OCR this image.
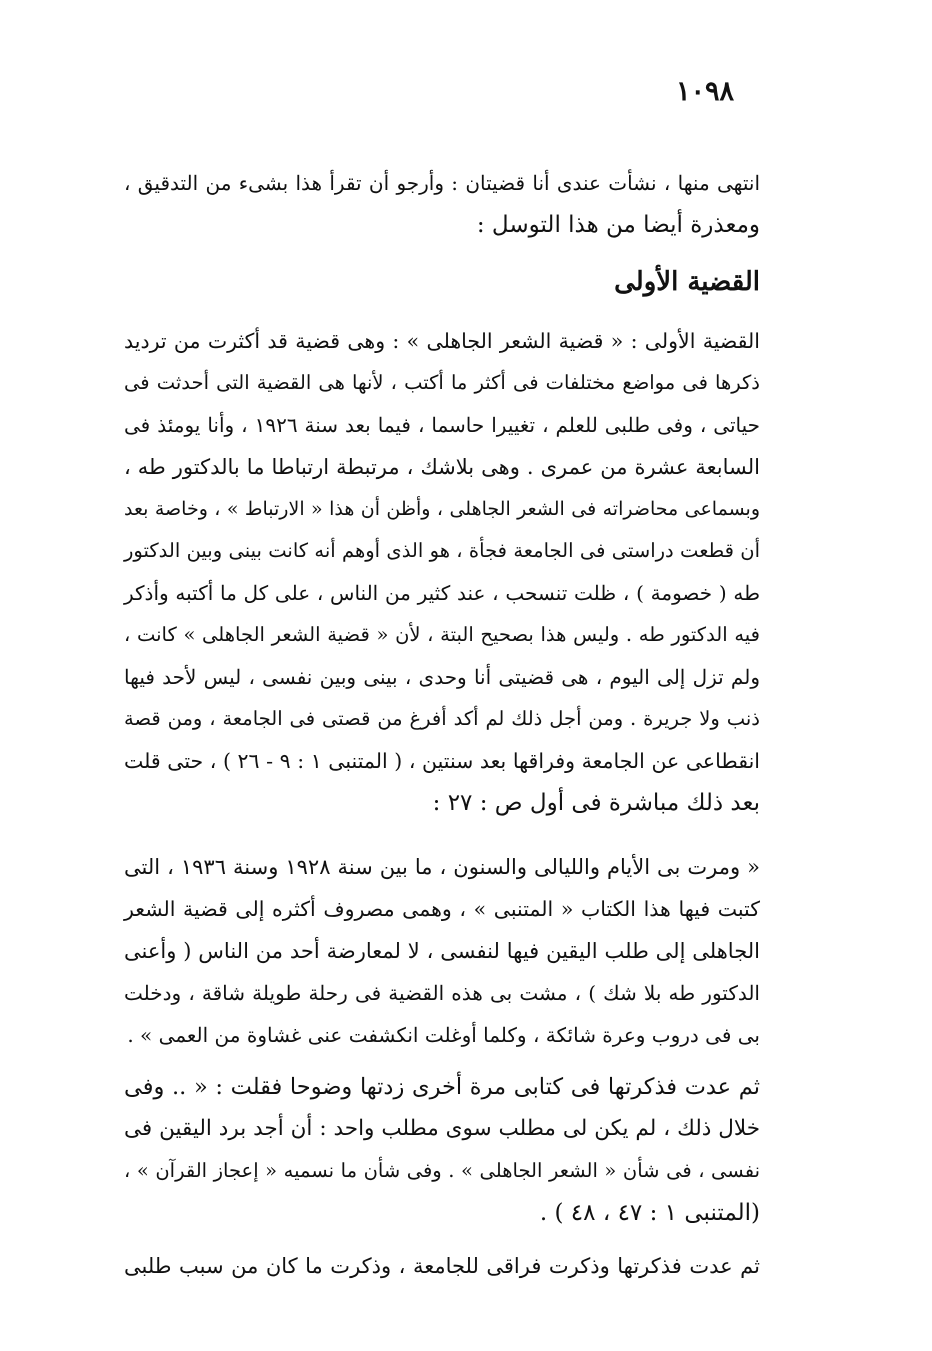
١٠٩٨
انتهى منها ، نشأت عندى أنا قضيتان : وأرجو أن تقرأ هذا بشىء من التدقيق ،
ومعذرة أيضا من هذا التوسل :
القضية الأولى
القضية الأولى : « قضية الشعر الجاهلى » : وهى قضية قد أكثرت من ترديد
ذكرها فى مواضع مختلفات فى أكثر ما أكتب ، لأنها هى القضية التى أحدثت فى
حياتى ، وفى طلبى للعلم ، تغييرا حاسما ، فيما بعد سنة ١٩٢٦ ، وأنا يومئذ فى
السابعة عشرة من عمرى . وهى بلاشك ، مرتبطة ارتباطا ما بالدكتور طه ،
وبسماعى محاضراته فى الشعر الجاهلى ، وأظن أن هذا « الارتباط » ، وخاصة بعد
أن قطعت دراستى فى الجامعة فجأة ، هو الذى أوهم أنه كانت بينى وبين الدكتور
طه ( خصومة ) ، ظلت تنسحب ، عند كثير من الناس ، على كل ما أكتبه وأذكر
فيه الدكتور طه . وليس هذا بصحيح البتة ، لأن « قضية الشعر الجاهلى » كانت ،
ولم تزل إلى اليوم ، هى قضيتى أنا وحدى ، بينى وبين نفسى ، ليس لأحد فيها
ذنب ولا جريرة . ومن أجل ذلك لم أكد أفرغ من قصتى فى الجامعة ، ومن قصة
انقطاعى عن الجامعة وفراقها بعد سنتين ، ( المتنبى ١ : ٩ - ٢٦ ) ، حتى قلت
بعد ذلك مباشرة فى أول ص : ٢٧ :
« ومرت بى الأيام والليالى والسنون ، ما بين سنة ١٩٢٨ وسنة ١٩٣٦ ، التى
كتبت فيها هذا الكتاب « المتنبى » ، وهمى مصروف أكثره إلى قضية الشعر
الجاهلى إلى طلب اليقين فيها لنفسى ، لا لمعارضة أحد من الناس ( وأعنى
الدكتور طه بلا شك ) ، مشت بى هذه القضية فى رحلة طويلة شاقة ، ودخلت
بى فى دروب وعرة شائكة ، وكلما أوغلت انكشفت عنى غشاوة من العمى » .
ثم عدت فذكرتها فى كتابى مرة أخرى زدتها وضوحا فقلت : « .. وفى
خلال ذلك ، لم يكن لى مطلب سوى مطلب واحد : أن أجد برد اليقين فى
نفسى ، فى شأن « الشعر الجاهلى » . وفى شأن ما نسميه « إعجاز القرآن » ،
(المتنبى ١ : ٤٧ ، ٤٨ ) .
ثم عدت فذكرتها وذكرت فراقى للجامعة ، وذكرت ما كان من سبب طلبى
